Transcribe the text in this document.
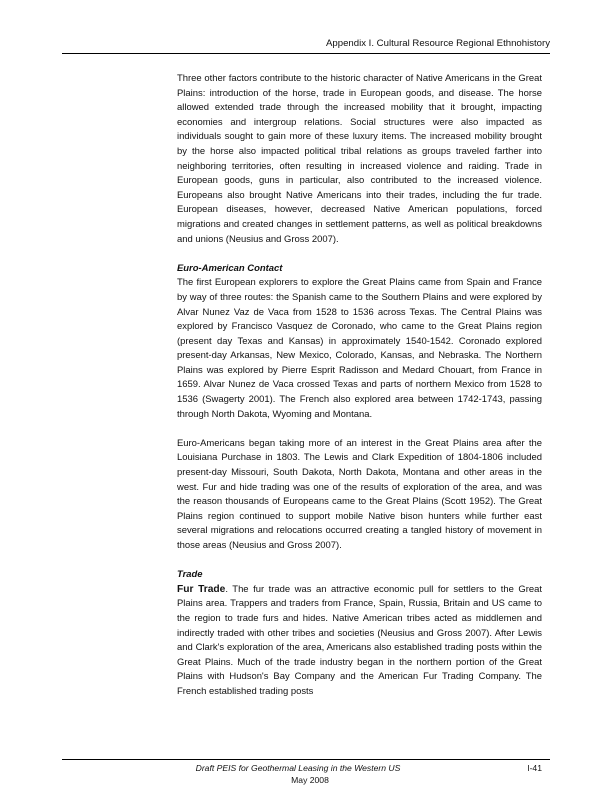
Appendix I. Cultural Resource Regional Ethnohistory

Three other factors contribute to the historic character of Native Americans in the Great Plains: introduction of the horse, trade in European goods, and disease. The horse allowed extended trade through the increased mobility that it brought, impacting economies and intergroup relations. Social structures were also impacted as individuals sought to gain more of these luxury items. The increased mobility brought by the horse also impacted political tribal relations as groups traveled farther into neighboring territories, often resulting in increased violence and raiding. Trade in European goods, guns in particular, also contributed to the increased violence. Europeans also brought Native Americans into their trades, including the fur trade. European diseases, however, decreased Native American populations, forced migrations and created changes in settlement patterns, as well as political breakdowns and unions (Neusius and Gross 2007).

Euro-American Contact

The first European explorers to explore the Great Plains came from Spain and France by way of three routes: the Spanish came to the Southern Plains and were explored by Alvar Nunez Vaz de Vaca from 1528 to 1536 across Texas. The Central Plains was explored by Francisco Vasquez de Coronado, who came to the Great Plains region (present day Texas and Kansas) in approximately 1540-1542. Coronado explored present-day Arkansas, New Mexico, Colorado, Kansas, and Nebraska. The Northern Plains was explored by Pierre Esprit Radisson and Medard Chouart, from France in 1659. Alvar Nunez de Vaca crossed Texas and parts of northern Mexico from 1528 to 1536 (Swagerty 2001). The French also explored area between 1742-1743, passing through North Dakota, Wyoming and Montana.

Euro-Americans began taking more of an interest in the Great Plains area after the Louisiana Purchase in 1803. The Lewis and Clark Expedition of 1804-1806 included present-day Missouri, South Dakota, North Dakota, Montana and other areas in the west. Fur and hide trading was one of the results of exploration of the area, and was the reason thousands of Europeans came to the Great Plains (Scott 1952). The Great Plains region continued to support mobile Native bison hunters while further east several migrations and relocations occurred creating a tangled history of movement in those areas (Neusius and Gross 2007).

Trade

Fur Trade. The fur trade was an attractive economic pull for settlers to the Great Plains area. Trappers and traders from France, Spain, Russia, Britain and US came to the region to trade furs and hides. Native American tribes acted as middlemen and indirectly traded with other tribes and societies (Neusius and Gross 2007). After Lewis and Clark's exploration of the area, Americans also established trading posts within the Great Plains. Much of the trade industry began in the northern portion of the Great Plains with Hudson's Bay Company and the American Fur Trading Company. The French established trading posts

Draft PEIS for Geothermal Leasing in the Western US	I-41
May 2008
